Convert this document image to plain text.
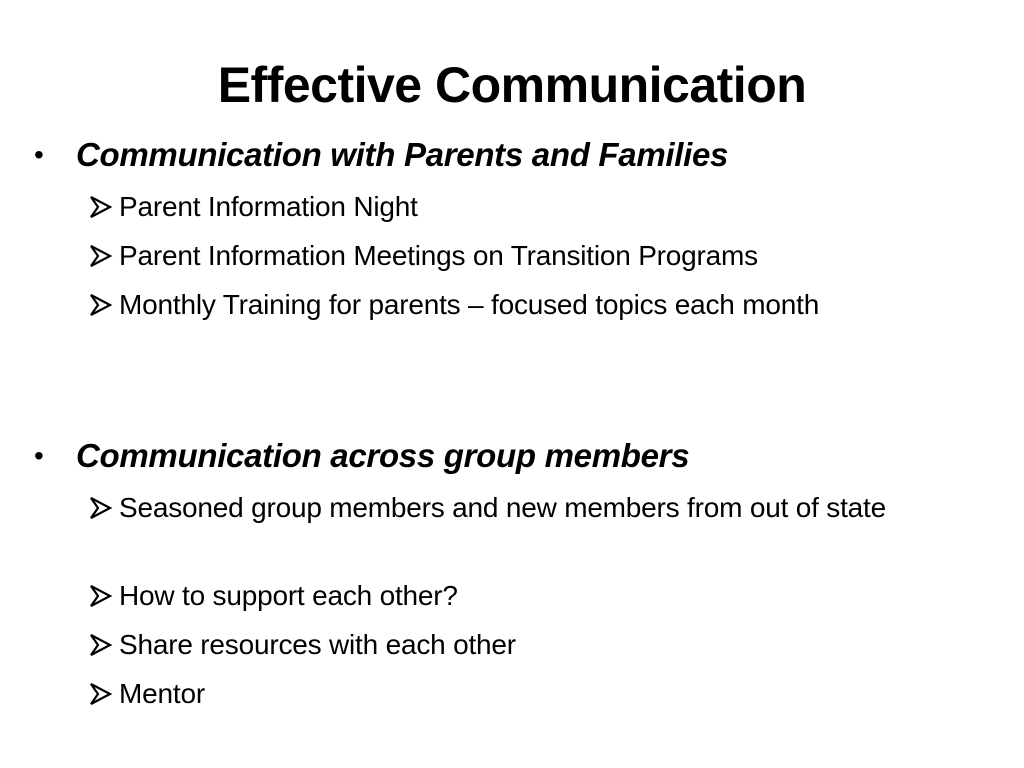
Effective Communication
• Communication with Parents and Families
Parent Information Night
Parent Information Meetings on Transition Programs
Monthly Training for parents – focused topics each month
• Communication across group members
Seasoned group members and new members from out of state
How to support each other?
Share resources with each other
Mentor
